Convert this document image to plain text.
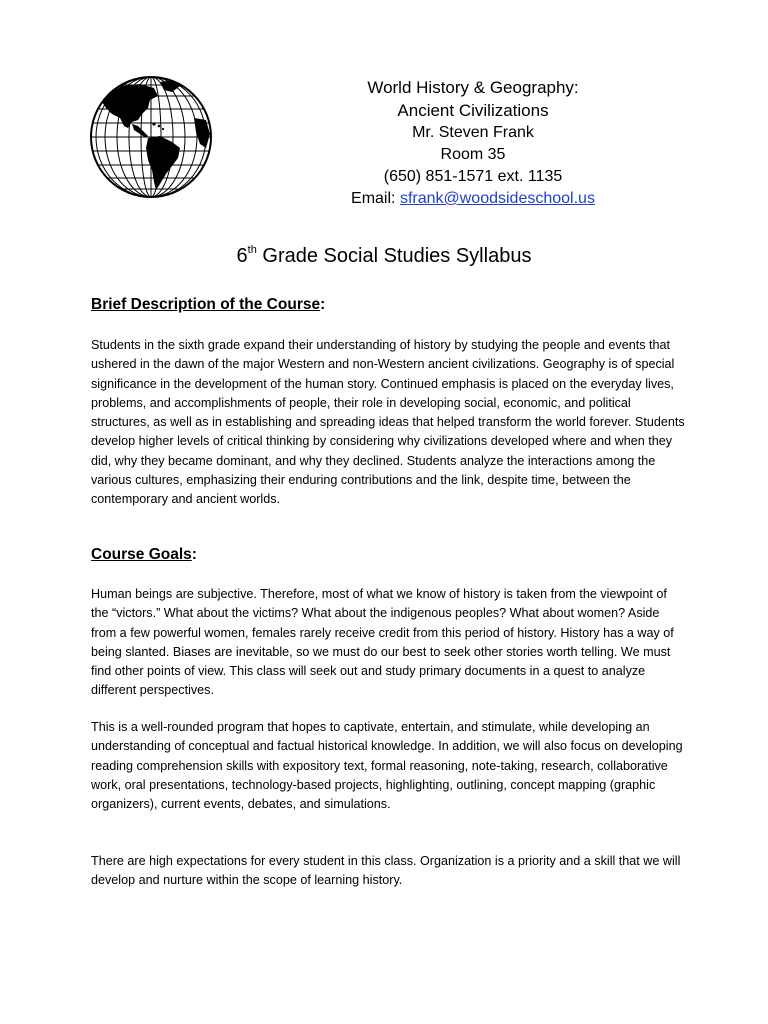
World History & Geography:
Ancient Civilizations
Mr. Steven Frank
Room 35
(650) 851-1571 ext. 1135
Email: sfrank@woodsideschool.us
6th Grade Social Studies Syllabus
Brief Description of the Course:

Students in the sixth grade expand their understanding of history by studying the people and events that ushered in the dawn of the major Western and non-Western ancient civilizations. Geography is of special significance in the development of the human story. Continued emphasis is placed on the everyday lives, problems, and accomplishments of people, their role in developing social, economic, and political structures, as well as in establishing and spreading ideas that helped transform the world forever. Students develop higher levels of critical thinking by considering why civilizations developed where and when they did, why they became dominant, and why they declined. Students analyze the interactions among the various cultures, emphasizing their enduring contributions and the link, despite time, between the contemporary and ancient worlds.

Course Goals:

Human beings are subjective. Therefore, most of what we know of history is taken from the viewpoint of the “victors.” What about the victims? What about the indigenous peoples? What about women? Aside from a few powerful women, females rarely receive credit from this period of history. History has a way of being slanted. Biases are inevitable, so we must do our best to seek other stories worth telling. We must find other points of view. This class will seek out and study primary documents in a quest to analyze different perspectives.

This is a well-rounded program that hopes to captivate, entertain, and stimulate, while developing an understanding of conceptual and factual historical knowledge. In addition, we will also focus on developing reading comprehension skills with expository text, formal reasoning, note-taking, research, collaborative work, oral presentations, technology-based projects, highlighting, outlining, concept mapping (graphic organizers), current events, debates, and simulations.

There are high expectations for every student in this class. Organization is a priority and a skill that we will develop and nurture within the scope of learning history.
